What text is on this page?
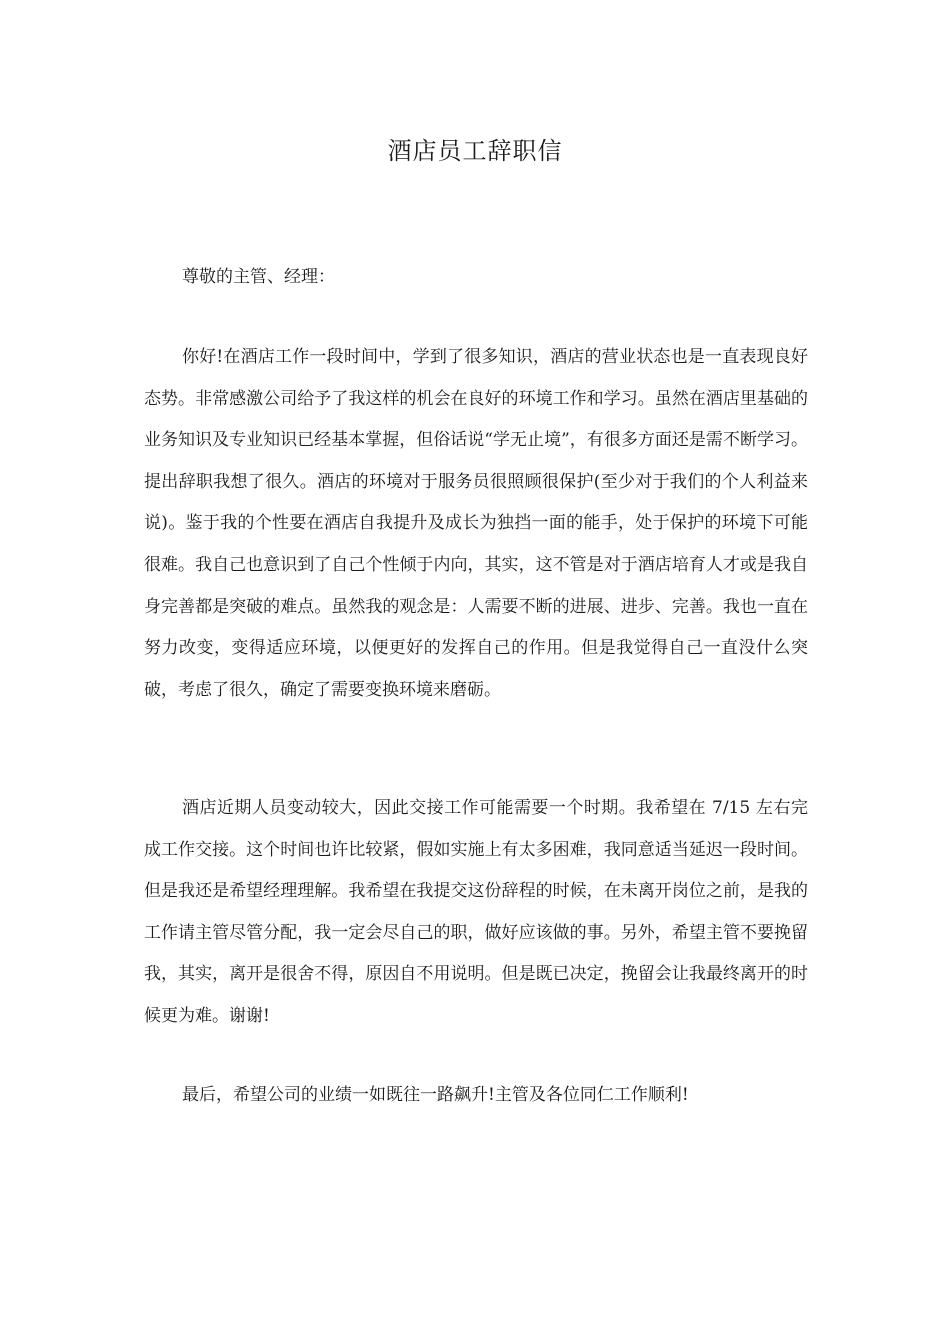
酒店员工辞职信
尊敬的主管、经理：

你好!在酒店工作一段时间中，学到了很多知识，酒店的营业状态也是一直表现良好态势。非常感激公司给予了我这样的机会在良好的环境工作和学习。虽然在酒店里基础的业务知识及专业知识已经基本掌握，但俗话说“学无止境”，有很多方面还是需不断学习。提出辞职我想了很久。酒店的环境对于服务员很照顾很保护(至少对于我们的个人利益来说)。鉴于我的个性要在酒店自我提升及成长为独挡一面的能手，处于保护的环境下可能很难。我自己也意识到了自己个性倾于内向，其实，这不管是对于酒店培育人才或是我自身完善都是突破的难点。虽然我的观念是：人需要不断的进展、进步、完善。我也一直在努力改变，变得适应环境，以便更好的发挥自己的作用。但是我觉得自己一直没什么突破，考虑了很久，确定了需要变换环境来磨砺。

酒店近期人员变动较大，因此交接工作可能需要一个时期。我希望在 7/15 左右完成工作交接。这个时间也许比较紧，假如实施上有太多困难，我同意适当延迟一段时间。但是我还是希望经理理解。我希望在我提交这份辞程的时候，在未离开岗位之前，是我的工作请主管尽管分配，我一定会尽自己的职，做好应该做的事。另外，希望主管不要挽留我，其实，离开是很舍不得，原因自不用说明。但是既已决定，挽留会让我最终离开的时候更为难。谢谢!

最后，希望公司的业绩一如既往一路飙升!主管及各位同仁工作顺利!
